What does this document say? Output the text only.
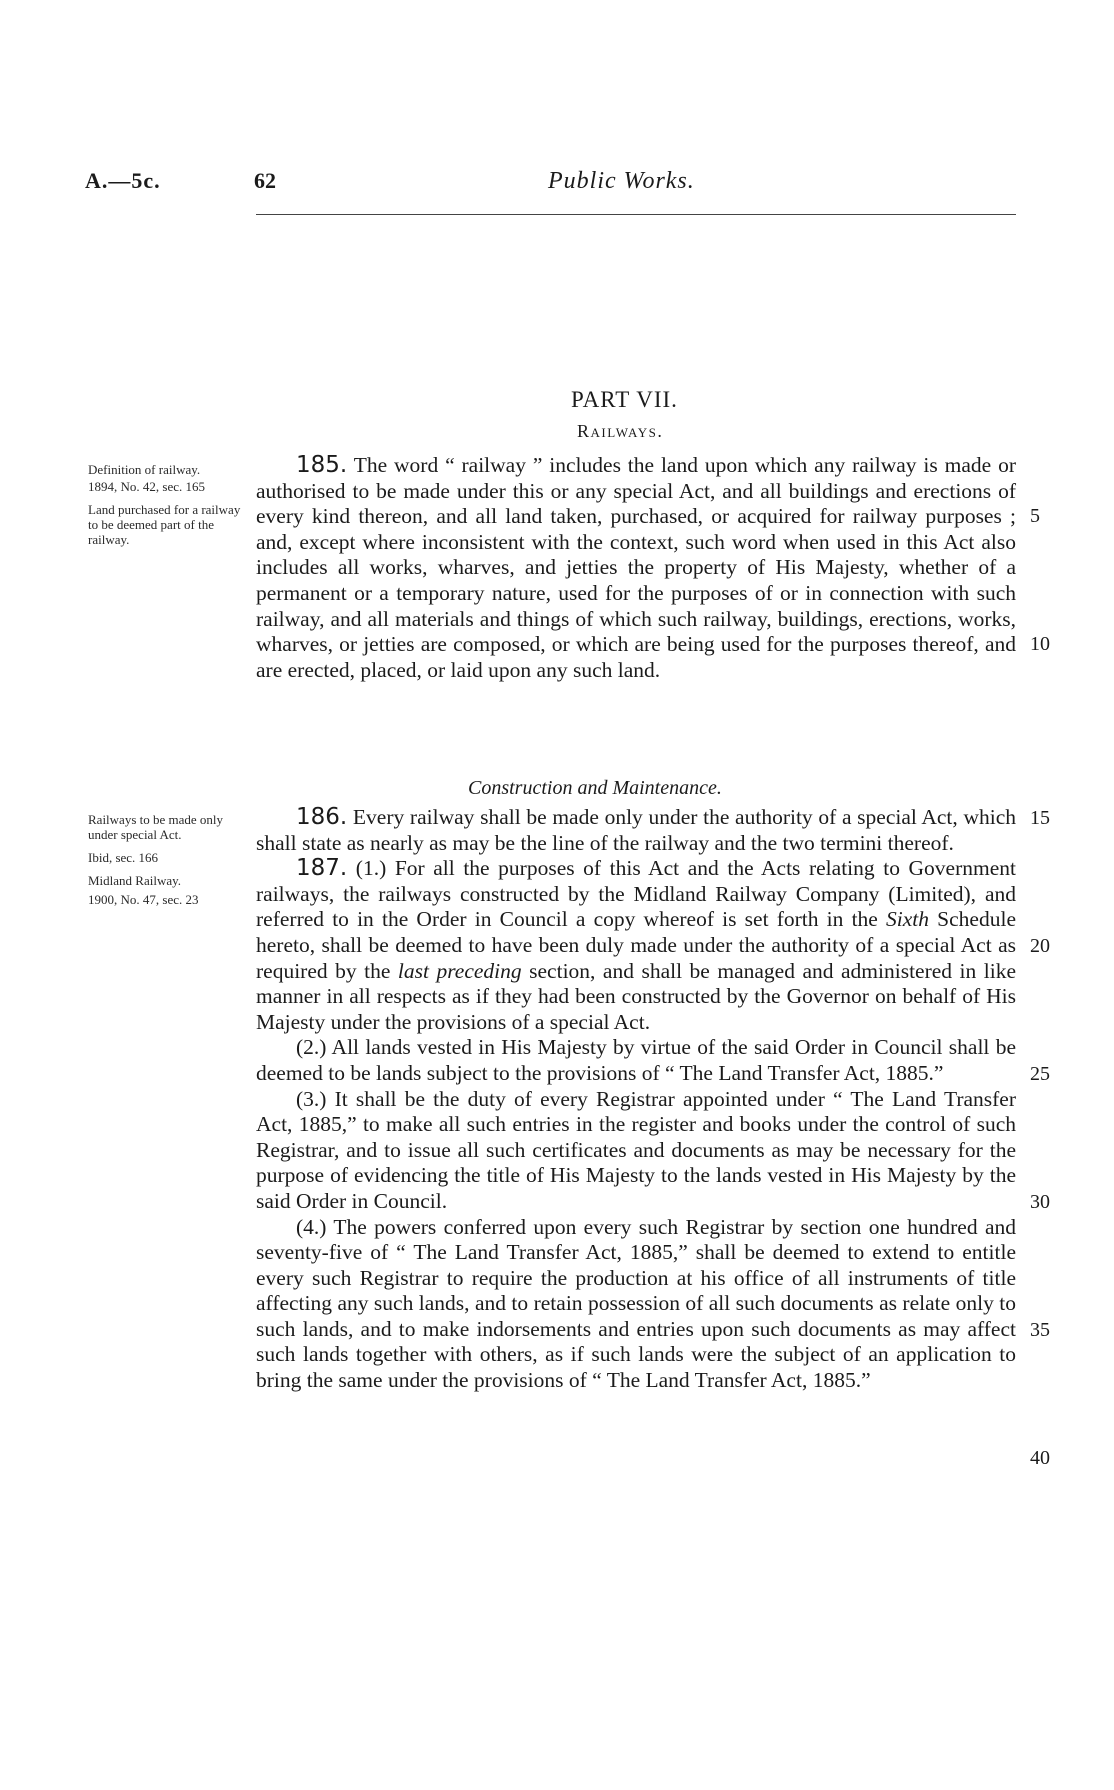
A.—5c.	62	Public Works.
PART VII.
Railways.

Definition of railway.

1894, No. 42, sec. 165

Land purchased for a railway to be deemed part of the railway.

Railways to be made only under special Act.

Ibid, sec. 166

Midland Railway.

1900, No. 47, sec. 23

185. The word “ railway ” includes the land upon which any railway is made or authorised to be made under this or any special Act, and all buildings and erections of every kind thereon, and all land taken, purchased, or acquired for railway purposes ; and, except where inconsistent with the context, such word when used in this Act also includes all works, wharves, and jetties the property of His Majesty, whether of a permanent or a temporary nature, used for the purposes of or in connection with such railway, and all materials and things of which such railway, buildings, erections, works, wharves, or jetties are composed, or which are being used for the purposes thereof, and are erected, placed, or laid upon any such land.

Construction and Maintenance.

186. Every railway shall be made only under the authority of a special Act, which shall state as nearly as may be the line of the railway and the two termini thereof.

187. (1.) For all the purposes of this Act and the Acts relating to Government railways, the railways constructed by the Midland Railway Company (Limited), and referred to in the Order in Council a copy whereof is set forth in the Sixth Schedule hereto, shall be deemed to have been duly made under the authority of a special Act as required by the last preceding section, and shall be managed and administered in like manner in all respects as if they had been constructed by the Governor on behalf of His Majesty under the provisions of a special Act.

(2.) All lands vested in His Majesty by virtue of the said Order in Council shall be deemed to be lands subject to the provisions of “ The Land Transfer Act, 1885.”

(3.) It shall be the duty of every Registrar appointed under “ The Land Transfer Act, 1885,” to make all such entries in the register and books under the control of such Registrar, and to issue all such certificates and documents as may be necessary for the purpose of evidencing the title of His Majesty to the lands vested in His Majesty by the said Order in Council.

(4.) The powers conferred upon every such Registrar by section one hundred and seventy-five of “ The Land Transfer Act, 1885,” shall be deemed to extend to entitle every such Registrar to require the production at his office of all instruments of title affecting any such lands, and to retain possession of all such documents as relate only to such lands, and to make indorsements and entries upon such documents as may affect such lands together with others, as if such lands were the subject of an application to bring the same under the provisions of “ The Land Transfer Act, 1885.”

5
10
15
20
25
30
35
40
